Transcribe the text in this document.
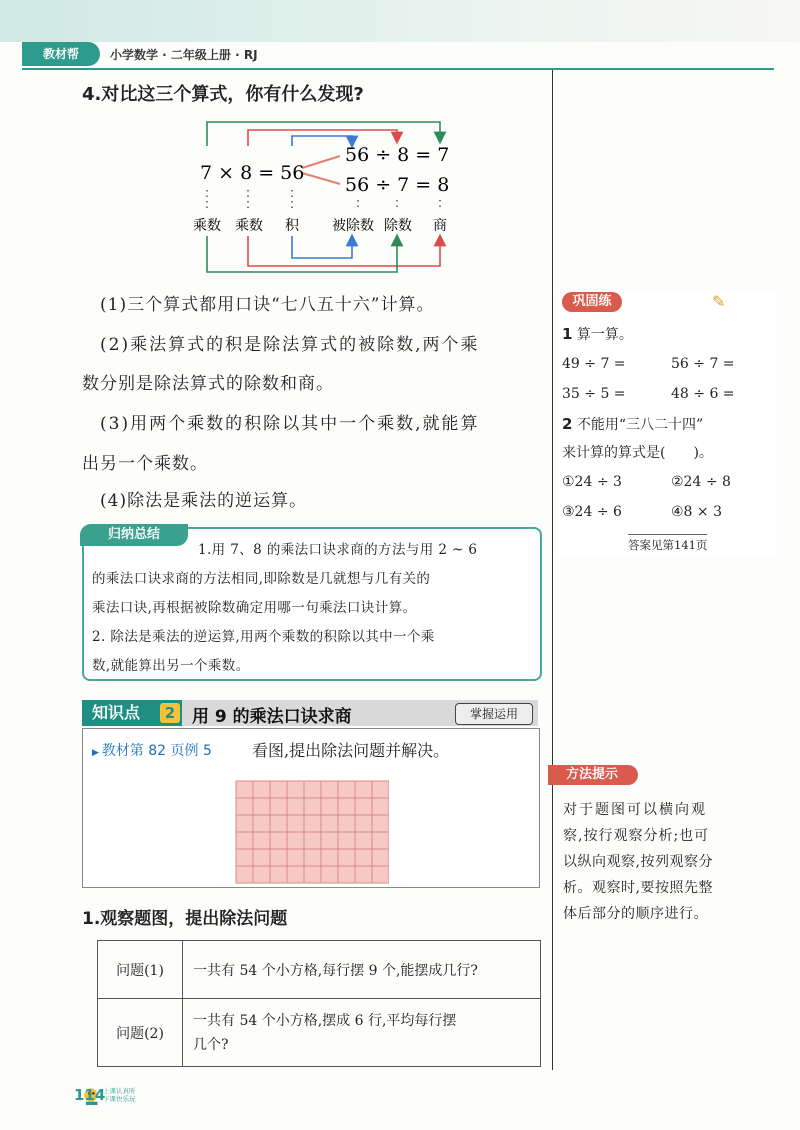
教材帮	小学数学 · 二年级上册 · RJ
4.对比这三个算式，你有什么发现?
7 × 8 = 56
56 ÷ 8 = 7
56 ÷ 7 = 8
乘数 乘数 积 被除数 除数 商
(1)三个算式都用口诀“七八五十六”计算。
(2)乘法算式的积是除法算式的被除数,两个乘
数分别是除法算式的除数和商。
(3)用两个乘数的积除以其中一个乘数,就能算
出另一个乘数。
(4)除法是乘法的逆运算。
归纳总结
1.用 7、8 的乘法口诀求商的方法与用 2 ~ 6
的乘法口诀求商的方法相同,即除数是几就想与几有关的
乘法口诀,再根据被除数确定用哪一句乘法口诀计算。
2. 除法是乘法的逆运算,用两个乘数的积除以其中一个乘
数,就能算出另一个乘数。
知识点	2 用 9 的乘法口诀求商	掌握运用
▶ 教材第 82 页例 5	看图,提出除法问题并解决。
1.观察题图，提出除法问题
问题(1)	一共有 54 个小方格,每行摆 9 个,能摆成几行?
问题(2)	一共有 54 个小方格,摆成 6 行,平均每行摆
几个?
114
上课认真听
下课快乐玩
巩固练	✎
1 算一算。
49 ÷ 7 =	56 ÷ 7 =
35 ÷ 5 =	48 ÷ 6 =
2 不能用“三八二十四”
来计算的算式是(　　)。
①24 ÷ 3	②24 ÷ 8
③24 ÷ 6	④8 × 3
答案见第141页
方法提示
对于题图可以横向观
察,按行观察分析;也可
以纵向观察,按列观察分
析。观察时,要按照先整
体后部分的顺序进行。
